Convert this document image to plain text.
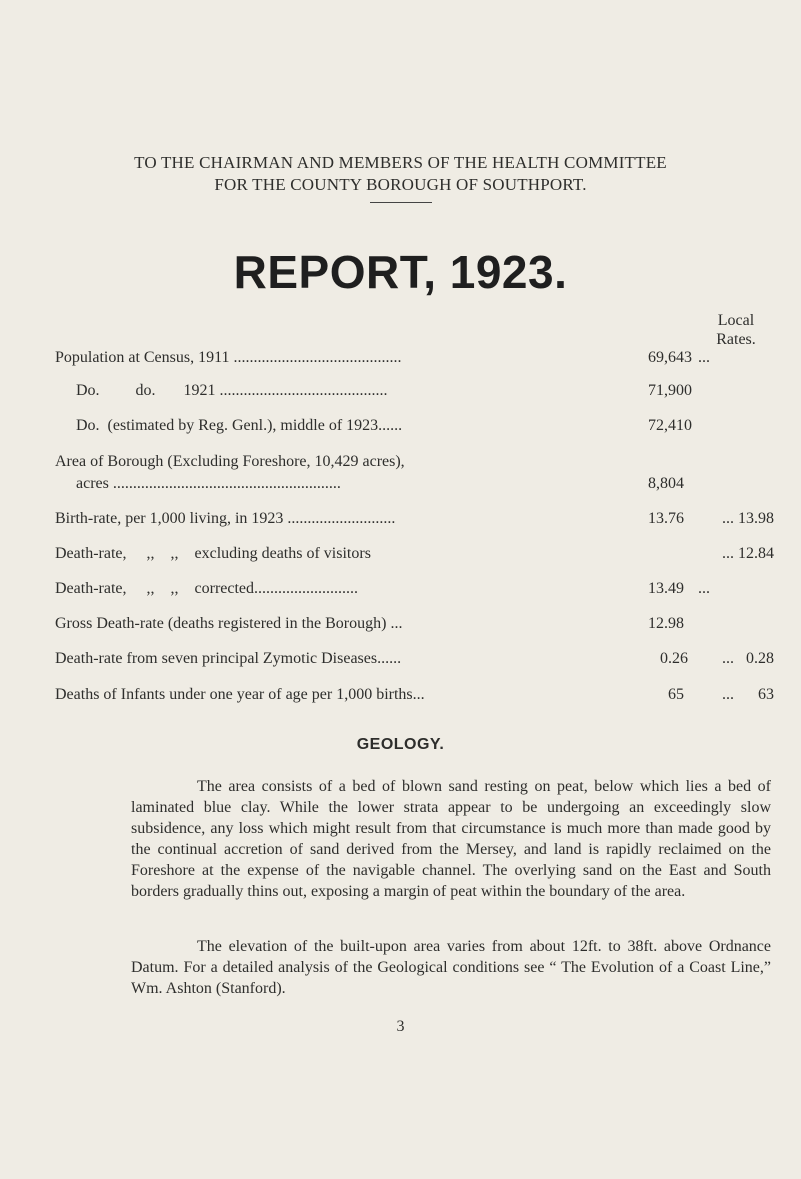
TO THE CHAIRMAN AND MEMBERS OF THE HEALTH COMMITTEE
FOR THE COUNTY BOROUGH OF SOUTHPORT.
REPORT, 1923.
Local
Rates.
Population at Census, 1911 ..........................................	69,643 ...
Do.         do.       1921 ..........................................	71,900
Do.  (estimated by Reg. Genl.), middle of 1923......	72,410
Area of Borough (Excluding Foreshore, 10,429 acres),
acres .........................................................	8,804
Birth-rate, per 1,000 living, in 1923 ...........................	13.76	... 13.98
Death-rate,     ,,    ,,    excluding deaths of visitors	... 12.84
Death-rate,     ,,    ,,    corrected..........................	13.49 ...
Gross Death-rate (deaths registered in the Borough) ...	12.98
Death-rate from seven principal Zymotic Diseases......	0.26	...   0.28
Deaths of Infants under one year of age per 1,000 births...	65	...      63
GEOLOGY.

The area consists of a bed of blown sand resting on peat, below which lies a bed of laminated blue clay. While the lower strata appear to be undergoing an exceedingly slow subsidence, any loss which might result from that circumstance is much more than made good by the continual accretion of sand derived from the Mersey, and land is rapidly reclaimed on the Foreshore at the expense of the navigable channel. The overlying sand on the East and South borders gradually thins out, exposing a margin of peat within the boundary of the area.

The elevation of the built-upon area varies from about 12ft. to 38ft. above Ordnance Datum. For a detailed analysis of the Geological conditions see “ The Evolution of a Coast Line,” Wm. Ashton (Stanford).

3
